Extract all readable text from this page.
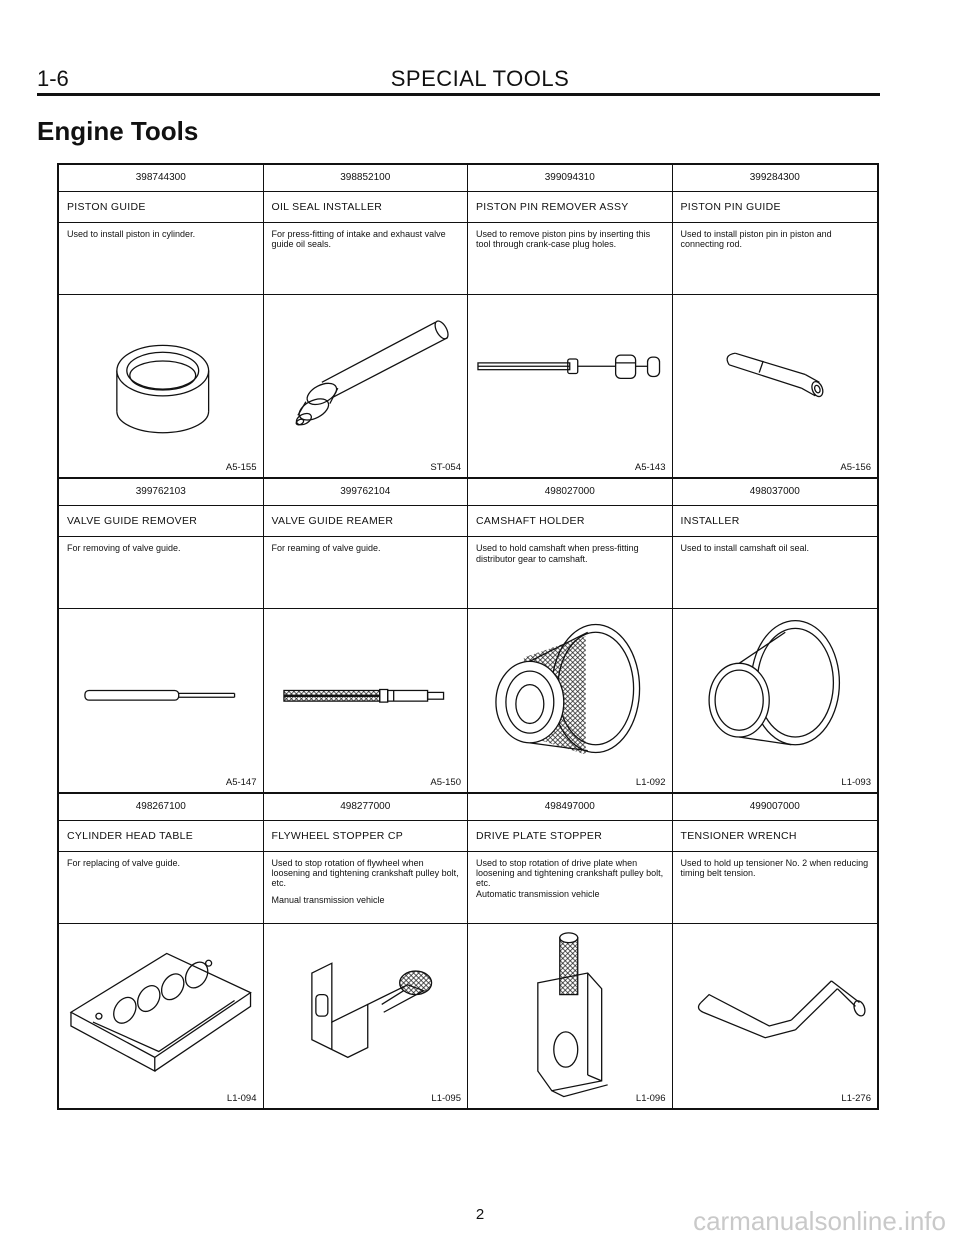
1-6	SPECIAL TOOLS
Engine Tools
398744300
PISTON GUIDE

Used to install piston in cylinder.

A5-155
398852100
OIL SEAL INSTALLER

For press-fitting of intake and exhaust valve guide oil seals.

ST-054
399094310
PISTON PIN REMOVER ASSY

Used to remove piston pins by inserting this tool through crank-case plug holes.

A5-143
399284300
PISTON PIN GUIDE

Used to install piston pin in piston and connecting rod.

A5-156
399762103
VALVE GUIDE REMOVER

For removing of valve guide.

A5-147
399762104
VALVE GUIDE REAMER

For reaming of valve guide.

A5-150
498027000
CAMSHAFT HOLDER

Used to hold camshaft when press-fitting distributor gear to camshaft.

L1-092
498037000
INSTALLER

Used to install camshaft oil seal.

L1-093
498267100
CYLINDER HEAD TABLE

For replacing of valve guide.

L1-094
498277000
FLYWHEEL STOPPER CP

Used to stop rotation of flywheel when loosening and tightening crankshaft pulley bolt, etc.

Manual transmission vehicle

L1-095
498497000
DRIVE PLATE STOPPER

Used to stop rotation of drive plate when loosening and tightening crankshaft pulley bolt, etc.

Automatic transmission vehicle

L1-096
499007000
TENSIONER WRENCH

Used to hold up tensioner No. 2 when reducing timing belt tension.

L1-276
2	carmanualsonline.info
